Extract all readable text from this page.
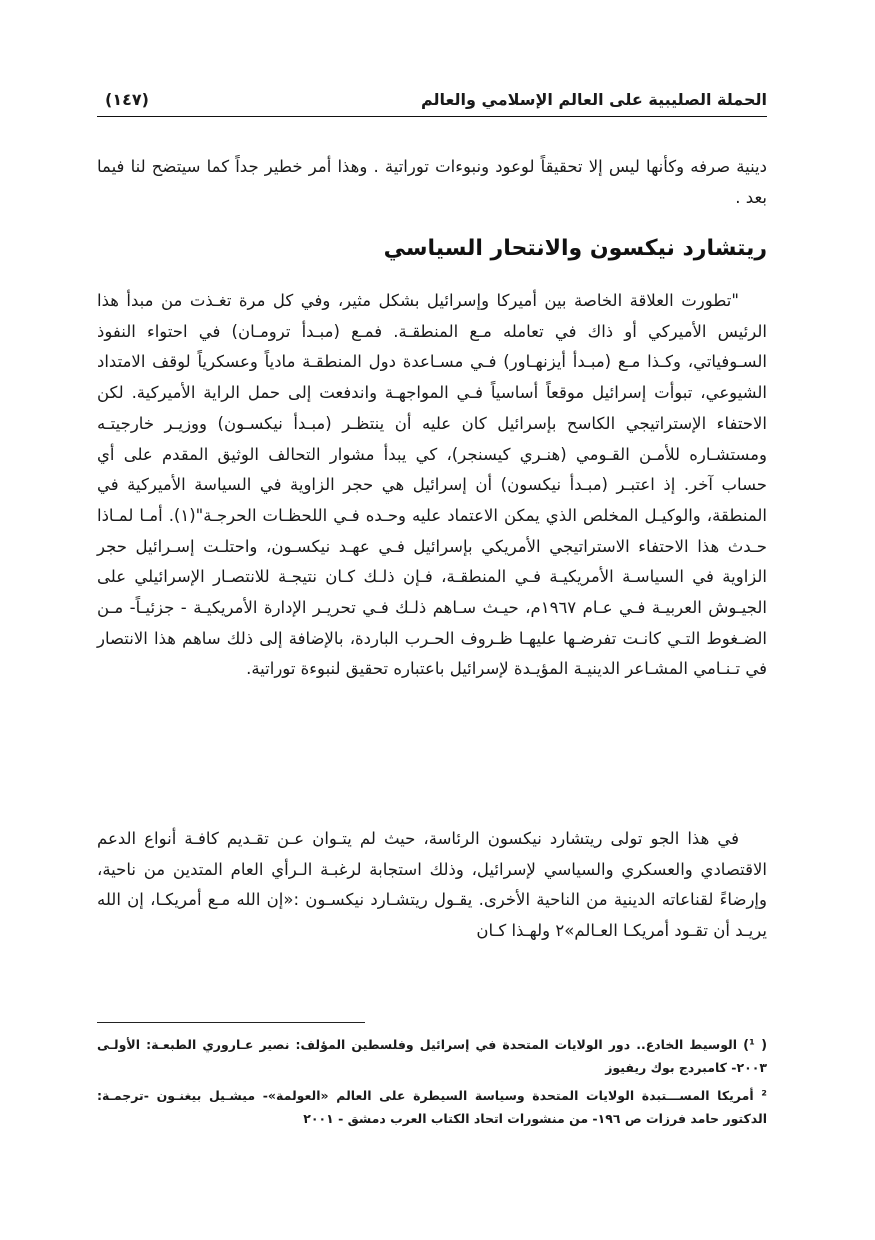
الحملة الصليبية على العالم الإسلامي والعالم
(١٤٧)

دينية صرفه وكأنها ليس إلا تحقيقاً لوعود ونبوءات توراتية . وهذا أمر خطير جداً كما سيتضح لنا فيما بعد .

ريتشارد نيكسون والانتحار السياسي

"تطورت العلاقة الخاصة بين أميركا وإسرائيل بشكل مثير، وفي كل مرة تغـذت من مبدأ هذا الرئيس الأميركي أو ذاك في تعامله مـع المنطقـة. فمـع (مبـدأ ترومـان) في احتواء النفوذ السـوفياتي، وكـذا مـع (مبـدأ أيزنهـاور) فـي مسـاعدة دول المنطقـة مادياً وعسكرياً لوقف الامتداد الشيوعي، تبوأت إسرائيل موقعاً أساسياً فـي المواجهـة واندفعت إلى حمل الراية الأميركية. لكن الاحتفاء الإستراتيجي الكاسح بإسرائيل كان عليه أن ينتظـر (مبـدأ نيكسـون) ووزيـر خارجيتـه ومستشـاره للأمـن القـومي (هنـري كيسنجر)، كي يبدأ مشوار التحالف الوثيق المقدم على أي حساب آخر. إذ اعتبـر (مبـدأ نيكسون) أن إسرائيل هي حجر الزاوية في السياسة الأميركية في المنطقة، والوكيـل المخلص الذي يمكن الاعتماد عليه وحـده فـي اللحظـات الحرجـة"(١). أمـا لمـاذا حـدث هذا الاحتفاء الاستراتيجي الأمريكي بإسرائيل فـي عهـد نيكسـون، واحتلـت إسـرائيل حجر الزاوية في السياسـة الأمريكيـة فـي المنطقـة، فـإن ذلـك كـان نتيجـة للانتصـار الإسرائيلي على الجيـوش العربيـة فـي عـام ١٩٦٧م، حيـث سـاهم ذلـك فـي تحريـر الإدارة الأمريكيـة - جزئيـاً- مـن الضـغوط التـي كانـت تفرضـها عليهـا ظـروف الحـرب الباردة، بالإضافة إلى ذلك ساهم هذا الانتصار في تـنـامي المشـاعر الدينيـة المؤيـدة لإسرائيل باعتباره تحقيق لنبوءة توراتية.

في هذا الجو تولى ريتشارد نيكسون الرئاسة، حيث لم يتـوان عـن تقـديم كافـة أنواع الدعم الاقتصادي والعسكري والسياسي لإسرائيل، وذلك استجابة لرغبـة الـرأي العام المتدين من ناحية، وإرضاءً لقناعاته الدينية من الناحية الأخرى. يقـول ريتشـارد نيكسـون :«إن الله مـع أمريكـا، إن الله يريـد أن تقـود أمريكـا العـالم»٢ ولهـذا كـان

( ¹) الوسيط الخادع.. دور الولايات المتحدة في إسرائيل وفلسطين المؤلف: نصير عـاروري الطبعـة: الأولـى ٢٠٠٣- كامبردج بوك ريفيوز

² أمريكا المســـتبدة الولايات المتحدة وسياسة السيطرة على العالم «العولمة»- ميشـيل بيغنـون -ترجمـة: الدكتور حامد فرزات ص ١٩٦- من منشورات اتحاد الكتاب العرب دمشق - ٢٠٠١
